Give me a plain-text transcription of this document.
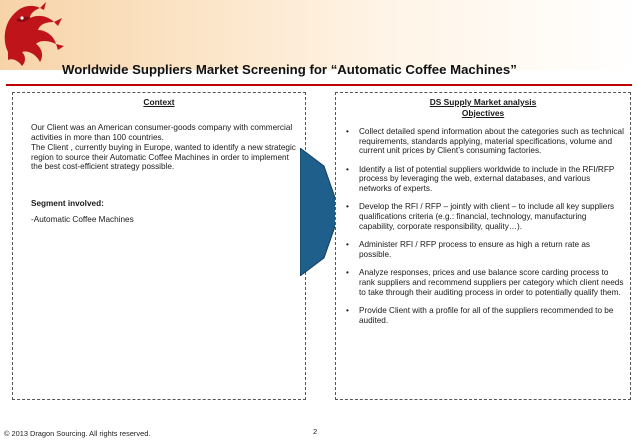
Worldwide Suppliers Market Screening for “Automatic Coffee Machines”
Context
Our Client was an American consumer-goods company with commercial activities in more than 100 countries.
The Client , currently buying in Europe, wanted to identify a new strategic region to source their Automatic Coffee Machines in order to implement the best cost-efficient strategy possible.
Segment involved:
-Automatic Coffee Machines
DS Supply Market analysis
Objectives
• Collect detailed spend information about the categories such as technical requirements, standards applying, material specifications, volume and current unit prices by Client’s consuming factories.
• Identify a list of potential suppliers worldwide to include in the RFI/RFP process by leveraging the web, external databases, and various networks of experts.
• Develop the RFI / RFP – jointly with client – to include all key suppliers qualifications criteria (e.g.: financial, technology, manufacturing capability, corporate responsibility, quality…).
• Administer RFI / RFP process to ensure as high a return rate as possible.
• Analyze responses, prices and use balance score carding process to rank suppliers and recommend suppliers per category which client needs to take through their auditing process in order to potentially qualify them.
• Provide Client with a profile for all of the suppliers recommended to be audited.
© 2013 Dragon Sourcing. All rights reserved.	2
